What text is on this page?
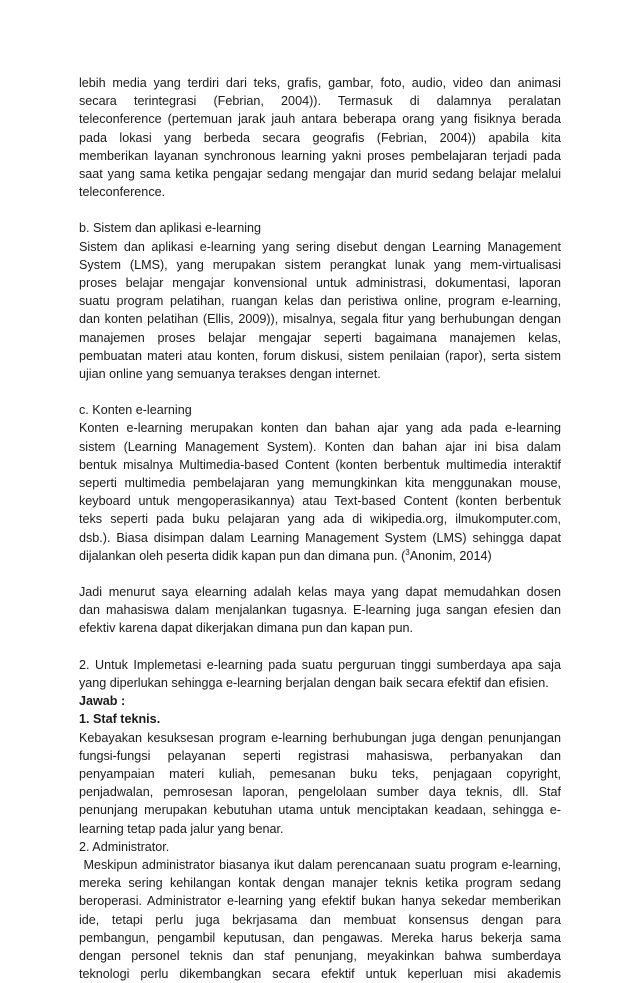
lebih media yang terdiri dari teks, grafis, gambar, foto, audio, video dan animasi
secara terintegrasi (Febrian, 2004)). Termasuk di dalamnya peralatan
teleconference (pertemuan jarak jauh antara beberapa orang yang fisiknya berada
pada lokasi yang berbeda secara geografis (Febrian, 2004)) apabila kita
memberikan layanan synchronous learning yakni proses pembelajaran terjadi pada
saat yang sama ketika pengajar sedang mengajar dan murid sedang belajar melalui
teleconference.
b. Sistem dan aplikasi e-learning
Sistem dan aplikasi e-learning yang sering disebut dengan Learning Management
System (LMS), yang merupakan sistem perangkat lunak yang mem-virtualisasi
proses belajar mengajar konvensional untuk administrasi, dokumentasi, laporan
suatu program pelatihan, ruangan kelas dan peristiwa online, program e-learning,
dan konten pelatihan (Ellis, 2009)), misalnya, segala fitur yang berhubungan dengan
manajemen proses belajar mengajar seperti bagaimana manajemen kelas,
pembuatan materi atau konten, forum diskusi, sistem penilaian (rapor), serta sistem
ujian online yang semuanya terakses dengan internet.
c. Konten e-learning
Konten e-learning merupakan konten dan bahan ajar yang ada pada e-learning
sistem (Learning Management System). Konten dan bahan ajar ini bisa dalam
bentuk misalnya Multimedia-based Content (konten berbentuk multimedia interaktif
seperti multimedia pembelajaran yang memungkinkan kita menggunakan mouse,
keyboard untuk mengoperasikannya) atau Text-based Content (konten berbentuk
teks seperti pada buku pelajaran yang ada di wikipedia.org, ilmukomputer.com,
dsb.). Biasa disimpan dalam Learning Management System (LMS) sehingga dapat
dijalankan oleh peserta didik kapan pun dan dimana pun. ($^3$Anonim, 2014)
Jadi menurut saya elearning adalah kelas maya yang dapat memudahkan dosen
dan mahasiswa dalam menjalankan tugasnya. E-learning juga sangan efesien dan
efektiv karena dapat dikerjakan dimana pun dan kapan pun.
2. Untuk Implemetasi e-learning pada suatu perguruan tinggi sumberdaya apa saja
yang diperlukan sehingga e-learning berjalan dengan baik secara efektif dan efisien.
Jawab :
1. Staf teknis.
Kebayakan kesuksesan program e-learning berhubungan juga dengan penunjangan
fungsi-fungsi pelayanan seperti registrasi mahasiswa, perbanyakan dan
penyampaian materi kuliah, pemesanan buku teks, penjagaan copyright,
penjadwalan, pemrosesan laporan, pengelolaan sumber daya teknis, dll. Staf
penunjang merupakan kebutuhan utama untuk menciptakan keadaan, sehingga e-
learning tetap pada jalur yang benar.
2. Administrator.
Meskipun administrator biasanya ikut dalam perencanaan suatu program e-learning,
mereka sering kehilangan kontak dengan manajer teknis ketika program sedang
beroperasi. Administrator e-learning yang efektif bukan hanya sekedar memberikan
ide, tetapi perlu juga bekrjasama dan membuat konsensus dengan para
pembangun, pengambil keputusan, dan pengawas. Mereka harus bekerja sama
dengan personel teknis dan staf penunjang, meyakinkan bahwa sumberdaya
teknologi perlu dikembangkan secara efektif untuk keperluan misi akademis
